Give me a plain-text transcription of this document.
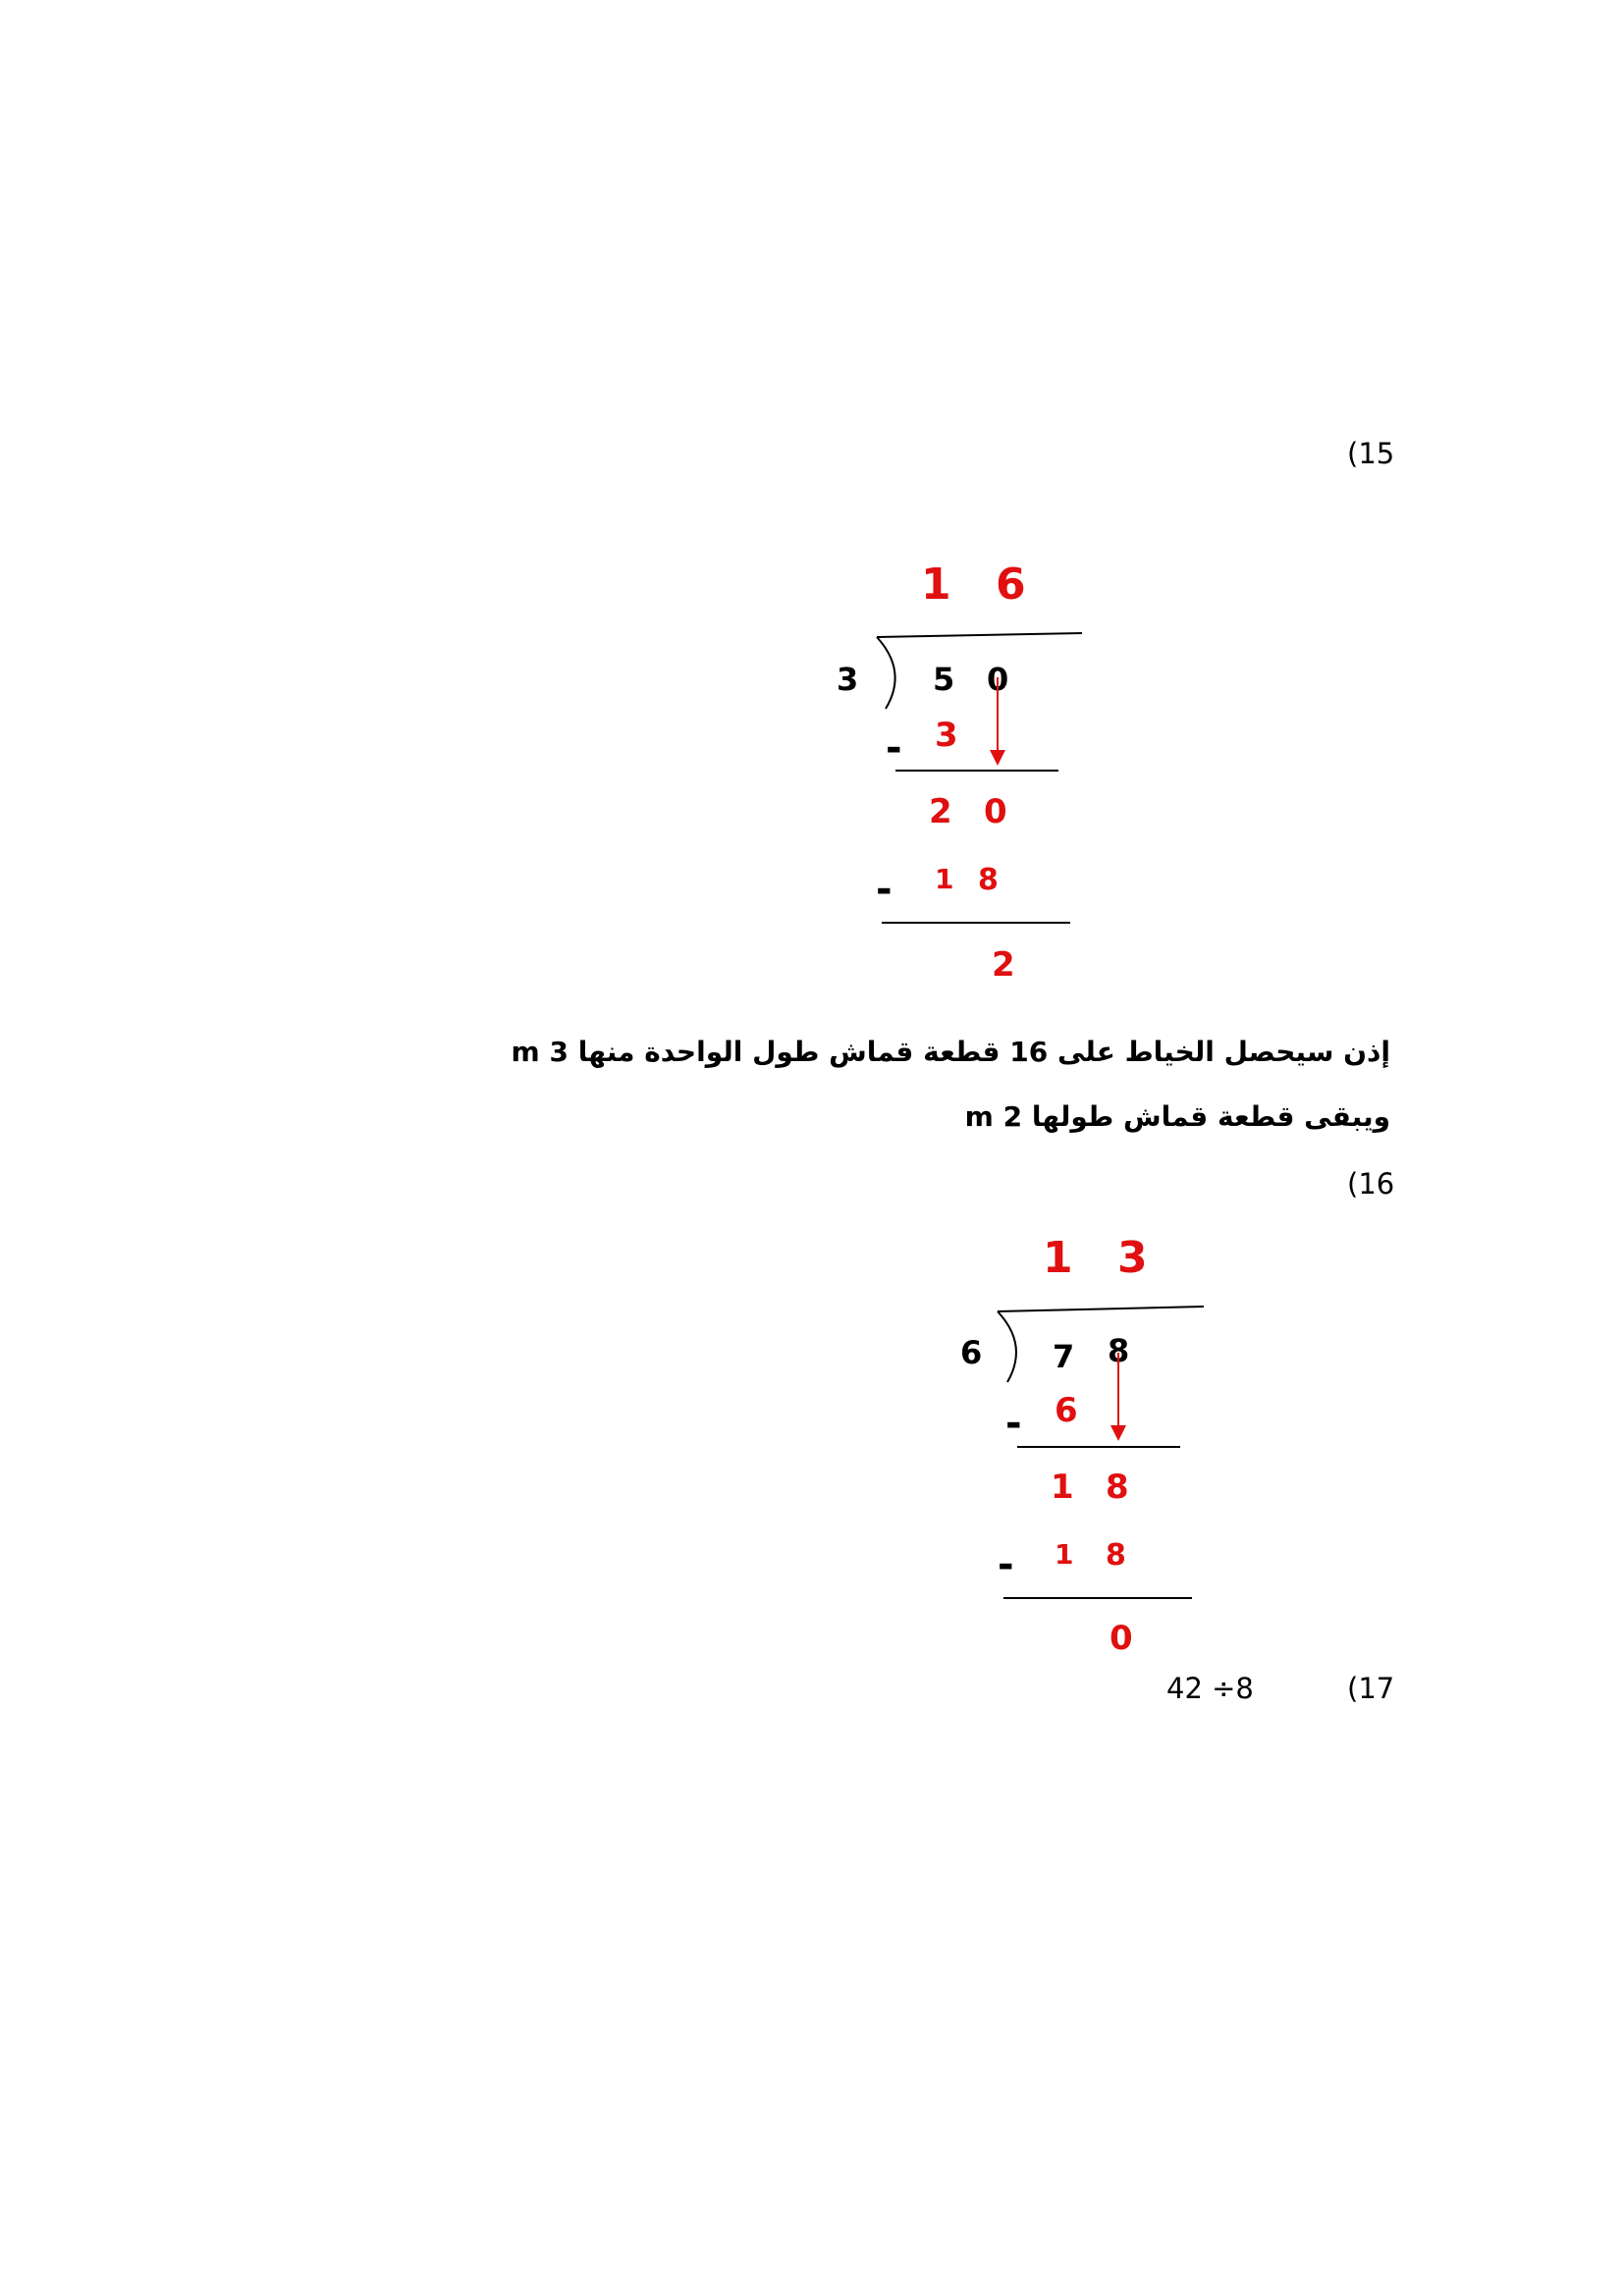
(15
1 6
3 5 0
3
-
2 0
1 8
-
2
إذن سيحصل الخياط على 16 قطعة قماش طول الواحدة منها 3 m
ويبقى قطعة قماش طولها 2 m
(16
1 3
6 7 8
6
-
1 8
1 8
-
0
(17
42 ÷8
